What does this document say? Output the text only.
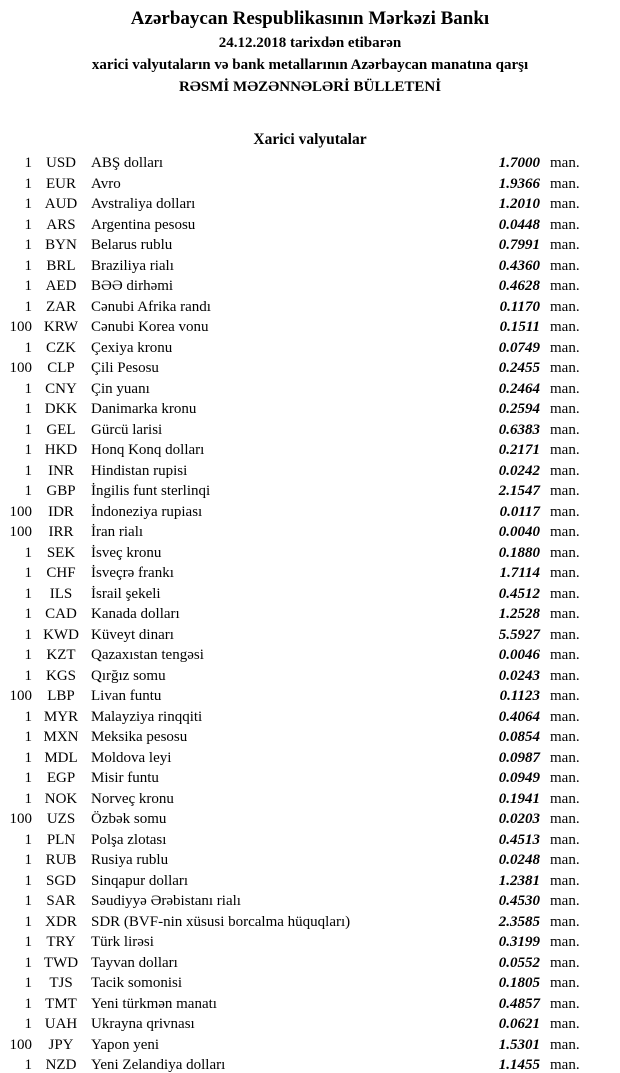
Azərbaycan Respublikasının Mərkəzi Bankı
24.12.2018 tarixdən etibarən
xarici valyutaların və bank metallarının Azərbaycan manatına qarşı
RƏSMİ MƏZƏNNƏLƏRİ BÜLLETENİ
Xarici valyutalar
1 USD	ABŞ dolları	1.7000 man.
1 EUR	Avro	1.9366 man.
1 AUD Avstraliya dolları	1.2010 man.
1 ARS	Argentina pesosu	0.0448 man.
1 BYN Belarus rublu	0.7991 man.
1 BRL	Braziliya rialı	0.4360 man.
1 AED BƏƏ dirhəmi	0.4628 man.
1 ZAR	Cənubi Afrika randı	0.1170 man.
100 KRW Cənubi Korea vonu	0.1511 man.
1 CZK	Çexiya kronu	0.0749 man.
100	CLP	Çili Pesosu	0.2455 man.
1 CNY Çin yuanı	0.2464 man.
1 DKK Danimarka kronu	0.2594 man.
1 GEL	Gürcü larisi	0.6383 man.
1 HKD Honq Konq dolları	0.2171 man.
1	INR	Hindistan rupisi	0.0242 man.
1 GBP	İngilis funt sterlinqi	2.1547 man.
100	IDR	İndoneziya rupiası	0.0117 man.
100	IRR	İran rialı	0.0040 man.
1 SEK	İsveç kronu	0.1880 man.
1 CHF	İsveçrə frankı	1.7114 man.
1	ILS	İsrail şekeli	0.4512 man.
1 CAD Kanada dolları	1.2528 man.
1 KWD Küveyt dinarı	5.5927 man.
1 KZT	Qazaxıstan tengəsi	0.0046 man.
1 KGS	Qırğız somu	0.0243 man.
100	LBP	Livan funtu	0.1123 man.
1 MYR Malayziya rinqqiti	0.4064 man.
1 MXN Meksika pesosu	0.0854 man.
1 MDL Moldova leyi	0.0987 man.
1 EGP	Misir funtu	0.0949 man.
1 NOK Norveç kronu	0.1941 man.
100 UZS	Özbək somu	0.0203 man.
1 PLN	Polşa zlotası	0.4513 man.
1 RUB Rusiya rublu	0.0248 man.
1 SGD	Sinqapur dolları	1.2381 man.
1 SAR	Səudiyyə Ərəbistanı rialı	0.4530 man.
1 XDR SDR (BVF-nin xüsusi borcalma hüquqları)	2.3585 man.
1 TRY	Türk lirəsi	0.3199 man.
1 TWD Tayvan dolları	0.0552 man.
1	TJS	Tacik somonisi	0.1805 man.
1 TMT Yeni türkmən manatı	0.4857 man.
1 UAH Ukrayna qrivnası	0.0621 man.
100	JPY	Yapon yeni	1.5301 man.
1 NZD Yeni Zelandiya dolları	1.1455 man.
